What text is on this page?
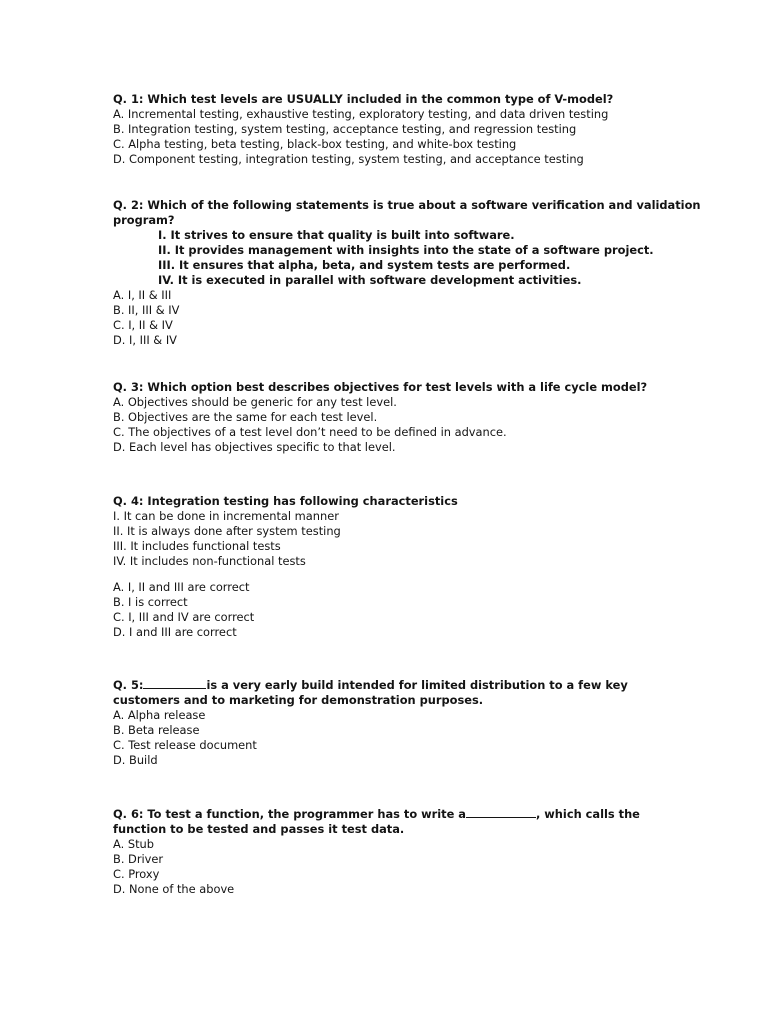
Q. 1: Which test levels are USUALLY included in the common type of V-model?
A. Incremental testing, exhaustive testing, exploratory testing, and data driven testing
B. Integration testing, system testing, acceptance testing, and regression testing
C. Alpha testing, beta testing, black-box testing, and white-box testing
D. Component testing, integration testing, system testing, and acceptance testing
Q. 2: Which of the following statements is true about a software verification and validation
program?
I. It strives to ensure that quality is built into software.
II. It provides management with insights into the state of a software project.
III. It ensures that alpha, beta, and system tests are performed.
IV. It is executed in parallel with software development activities.
A. I, II & III
B. II, III & IV
C. I, II & IV
D. I, III & IV
Q. 3: Which option best describes objectives for test levels with a life cycle model?
A. Objectives should be generic for any test level.
B. Objectives are the same for each test level.
C. The objectives of a test level don’t need to be defined in advance.
D. Each level has objectives specific to that level.
Q. 4: Integration testing has following characteristics
I. It can be done in incremental manner
II. It is always done after system testing
III. It includes functional tests
IV. It includes non-functional tests
A. I, II and III are correct
B. I is correct
C. I, III and IV are correct
D. I and III are correct
Q. 5:	is a very early build intended for limited distribution to a few key
customers and to marketing for demonstration purposes.
A. Alpha release
B. Beta release
C. Test release document
D. Build
Q. 6: To test a function, the programmer has to write a	, which calls the
function to be tested and passes it test data.
A. Stub
B. Driver
C. Proxy
D. None of the above
